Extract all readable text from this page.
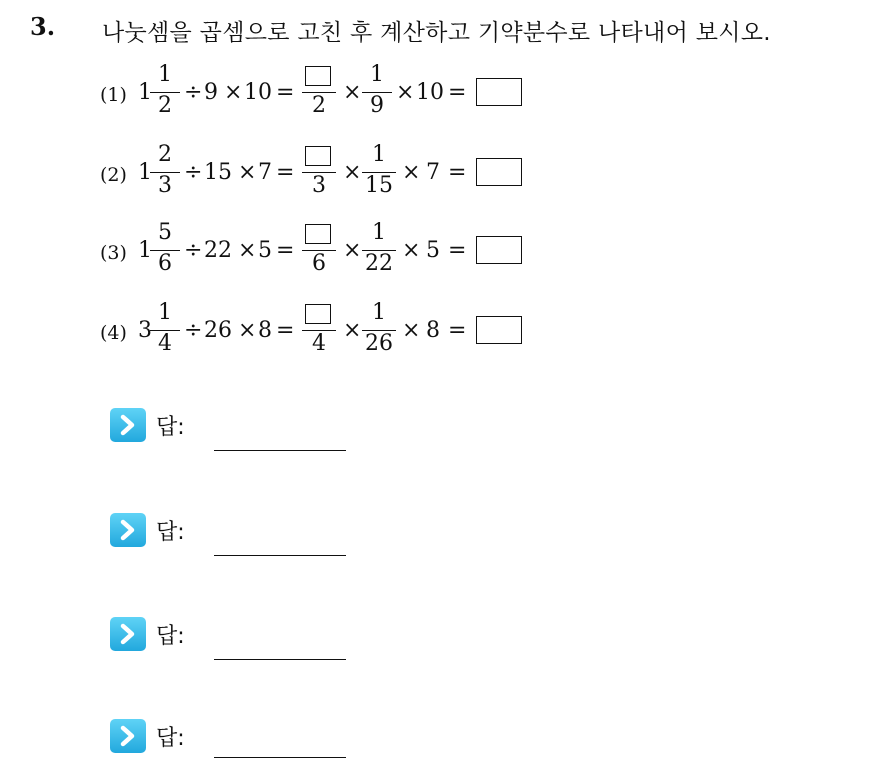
3. 나눗셈을 곱셈으로 고친 후 계산하고 기약분수로 나타내어 보시오.
(1) 1
1
2
÷ 9 × 10 =
2
×
1
9
× 10 =
(2) 1
2
3
÷ 15 × 7 =
3
×
1
15
× 7 =
(3) 1
5
6
÷ 22 × 5 =
6
×
1
22
× 5 =
(4) 3
1
4
÷ 26 × 8 =
4
×
1
26
× 8 =
답:
답:
답:
답:
